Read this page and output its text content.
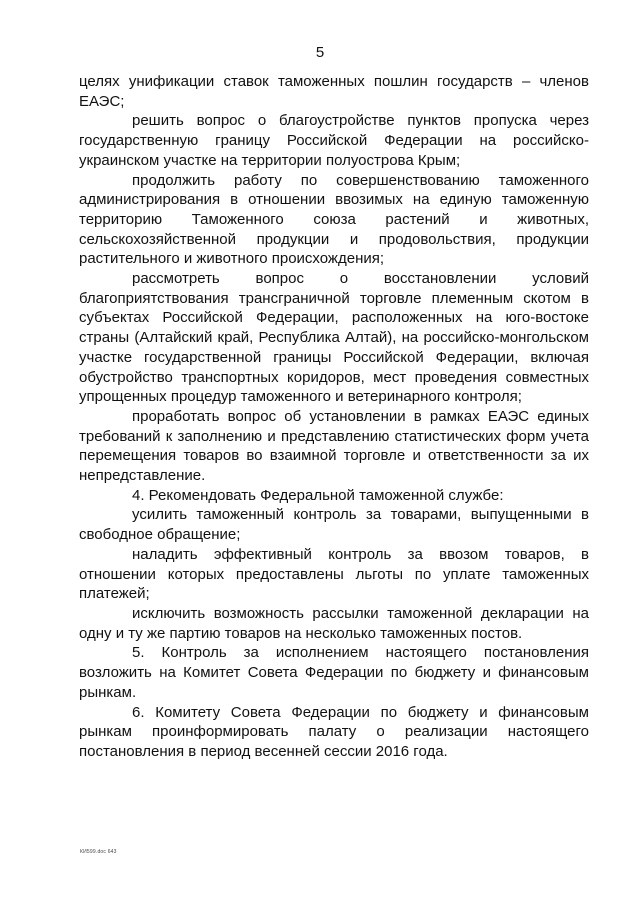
5

целях унификации ставок таможенных пошлин государств – членов ЕАЭС;

решить вопрос о благоустройстве пунктов пропуска через государственную границу Российской Федерации на российско-украинском участке на территории полуострова Крым;

продолжить работу по совершенствованию таможенного администрирования в отношении ввозимых на единую таможенную территорию Таможенного союза растений и животных, сельскохозяйственной продукции и продовольствия, продукции растительного и животного происхождения;

рассмотреть вопрос о восстановлении условий благоприятствования трансграничной торговле племенным скотом в субъектах Российской Федерации, расположенных на юго-востоке страны (Алтайский край, Республика Алтай), на российско-монгольском участке государственной границы Российской Федерации, включая обустройство транспортных коридоров, мест проведения совместных упрощенных процедур таможенного и ветеринарного контроля;

проработать вопрос об установлении в рамках ЕАЭС единых требований к заполнению и представлению статистических форм учета перемещения товаров во взаимной торговле и ответственности за их непредставление.

4. Рекомендовать Федеральной таможенной службе:

усилить таможенный контроль за товарами, выпущенными в свободное обращение;

наладить эффективный контроль за ввозом товаров, в отношении которых предоставлены льготы по уплате таможенных платежей;

исключить возможность рассылки таможенной декларации на одну и ту же партию товаров на несколько таможенных постов.

5. Контроль за исполнением настоящего постановления возложить на Комитет Совета Федерации по бюджету и финансовым рынкам.

6. Комитету Совета Федерации по бюджету и финансовым рынкам проинформировать палату о реализации настоящего постановления в период весенней сессии 2016 года.

КИ599.doc 643
